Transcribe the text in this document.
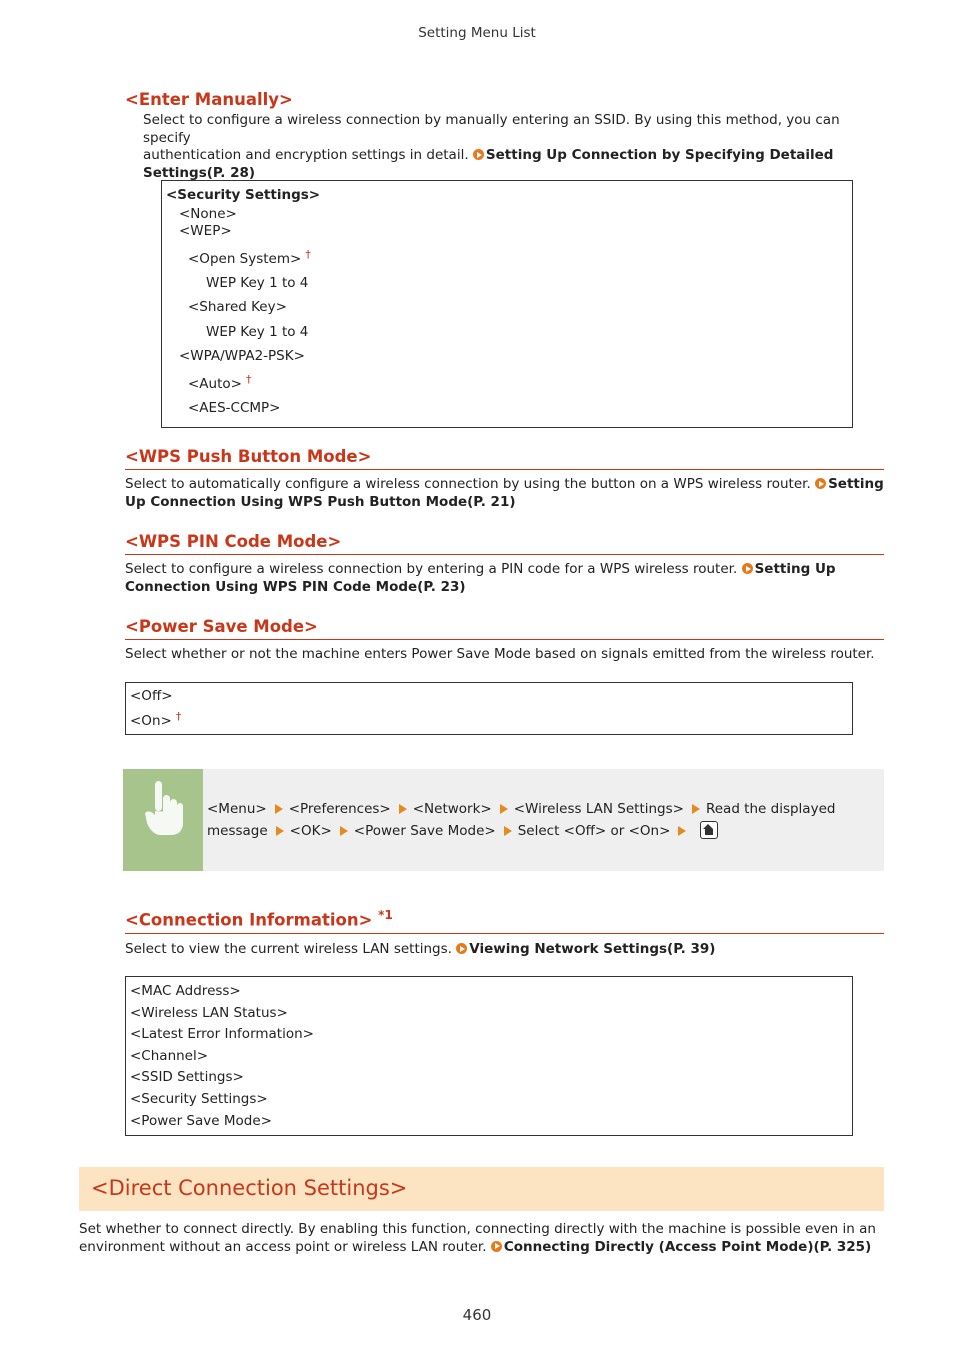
Setting Menu List
<Enter Manually>
Select to configure a wireless connection by manually entering an SSID. By using this method, you can specify
authentication and encryption settings in detail. Setting Up Connection by Specifying Detailed
Settings(P. 28)
<Security Settings>
<None>
<WEP>
<Open System> †
WEP Key 1 to 4
<Shared Key>
WEP Key 1 to 4
<WPA/WPA2-PSK>
<Auto> †
<AES-CCMP>
<WPS Push Button Mode>
Select to automatically configure a wireless connection by using the button on a WPS wireless router. Setting
Up Connection Using WPS Push Button Mode(P. 21)
<WPS PIN Code Mode>
Select to configure a wireless connection by entering a PIN code for a WPS wireless router. Setting Up
Connection Using WPS PIN Code Mode(P. 23)
<Power Save Mode>
Select whether or not the machine enters Power Save Mode based on signals emitted from the wireless router.
<Off>
<On> †
<Menu> <Preferences> <Network> <Wireless LAN Settings> Read the displayed
message <OK> <Power Save Mode> Select <Off> or <On>
<Connection Information> $^{*1}$
Select to view the current wireless LAN settings. Viewing Network Settings(P. 39)
<MAC Address>
<Wireless LAN Status>
<Latest Error Information>
<Channel>
<SSID Settings>
<Security Settings>
<Power Save Mode>
<Direct Connection Settings>
Set whether to connect directly. By enabling this function, connecting directly with the machine is possible even in an
environment without an access point or wireless LAN router. Connecting Directly (Access Point Mode)(P. 325)
460
